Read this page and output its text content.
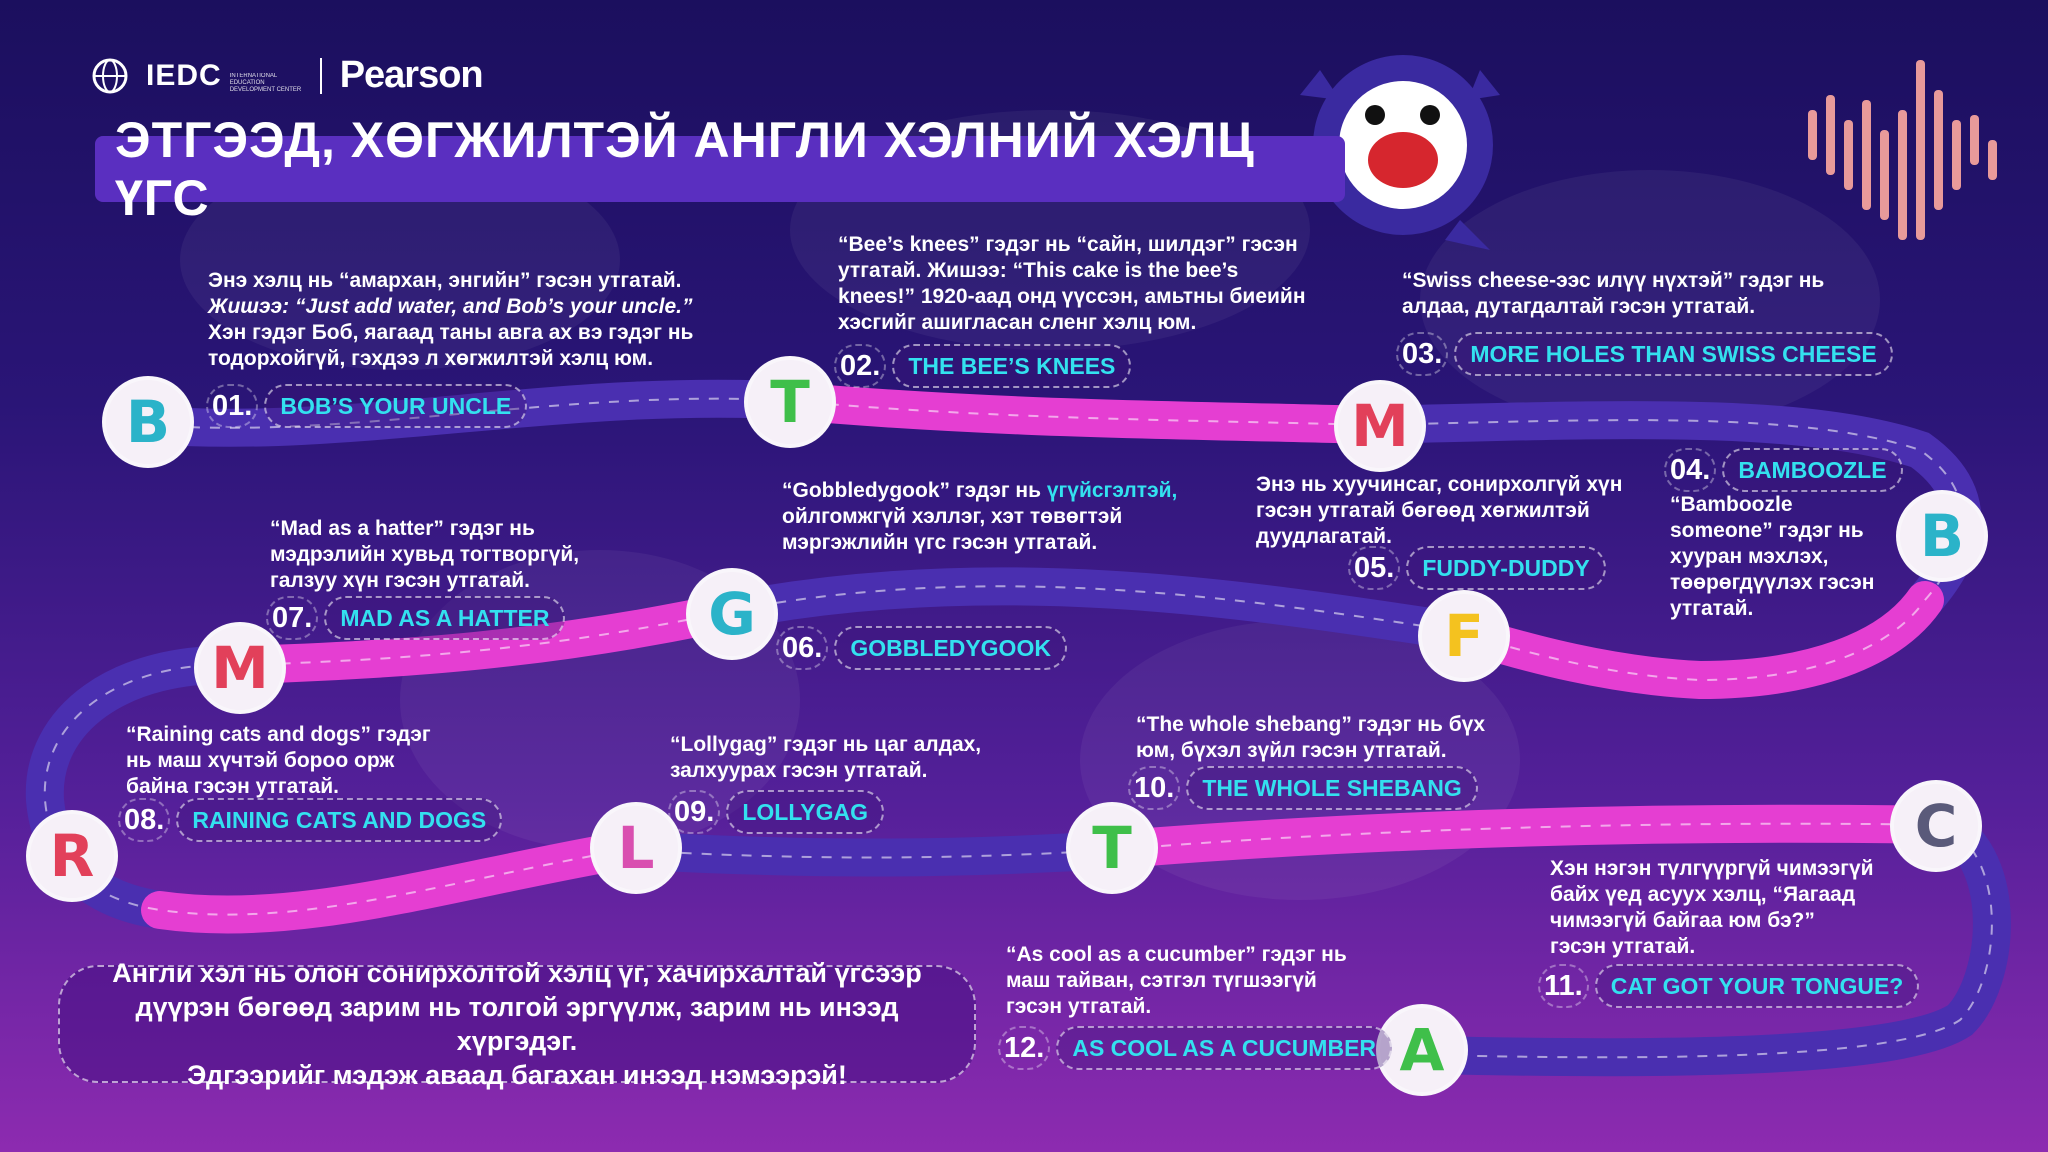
IEDC INTERNATIONAL EDUCATION DEVELOPMENT CENTER Pearson
ЭТГЭЭД, ХӨГЖИЛТЭЙ АНГЛИ ХЭЛНИЙ ХЭЛЦ ҮГС
B	T	M
B
F
G
M
R	L	T	C
A
Энэ хэлц нь “амархан, энгийн” гэсэн утгатай.
Жишээ: “Just add water, and Bob’s your uncle.”
Хэн гэдэг Боб, яагаад таны авга ах вэ гэдэг нь
тодорхойгүй, гэхдээ л хөгжилтэй хэлц юм.
01.	BOB’S YOUR UNCLE
“Bee’s knees” гэдэг нь “сайн, шилдэг” гэсэн
утгатай. Жишээ: “This cake is the bee’s
knees!” 1920-аад онд үүссэн, амьтны биеийн
хэсгийг ашигласан сленг хэлц юм.
02.	THE BEE’S KNEES
“Swiss cheese-ээс илүү нүхтэй” гэдэг нь
алдаа, дутагдалтай гэсэн утгатай.
03.	MORE HOLES THAN SWISS CHEESE
04.	BAMBOOZLE
“Bamboozle
someone” гэдэг нь
хууран мэхлэх,
төөрөгдүүлэх гэсэн
утгатай.
Энэ нь хуучинсаг, сонирхолгүй хүн
гэсэн утгатай бөгөөд хөгжилтэй
дуудлагатай.
05.	FUDDY-DUDDY
“Gobbledygook” гэдэг нь үгүйсгэлтэй,
ойлгомжгүй хэллэг, хэт төвөгтэй
мэргэжлийн үгс гэсэн утгатай.
06.	GOBBLEDYGOOK
“Mad as a hatter” гэдэг нь
мэдрэлийн хувьд тогтворгүй,
галзуу хүн гэсэн утгатай.
07.	MAD AS A HATTER
“Raining cats and dogs” гэдэг
нь маш хүчтэй бороо орж
байна гэсэн утгатай.
08.	RAINING CATS AND DOGS
“Lollygag” гэдэг нь цаг алдах,
залхуурах гэсэн утгатай.
09.	LOLLYGAG
“The whole shebang” гэдэг нь бүх
юм, бүхэл зүйл гэсэн утгатай.
10.	THE WHOLE SHEBANG
Хэн нэгэн түлгүүргүй чимээгүй
байх үед асуух хэлц, “Яагаад
чимээгүй байгаа юм бэ?”
гэсэн утгатай.
11.	CAT GOT YOUR TONGUE?
“As cool as a cucumber” гэдэг нь
маш тайван, сэтгэл түгшээгүй
гэсэн утгатай.
12.	AS COOL AS A CUCUMBER
Англи хэл нь олон сонирхолтой хэлц үг, хачирхалтай үгсээр
дүүрэн бөгөөд зарим нь толгой эргүүлж, зарим нь инээд хүргэдэг.
Эдгээрийг мэдэж аваад багахан инээд нэмээрэй!
